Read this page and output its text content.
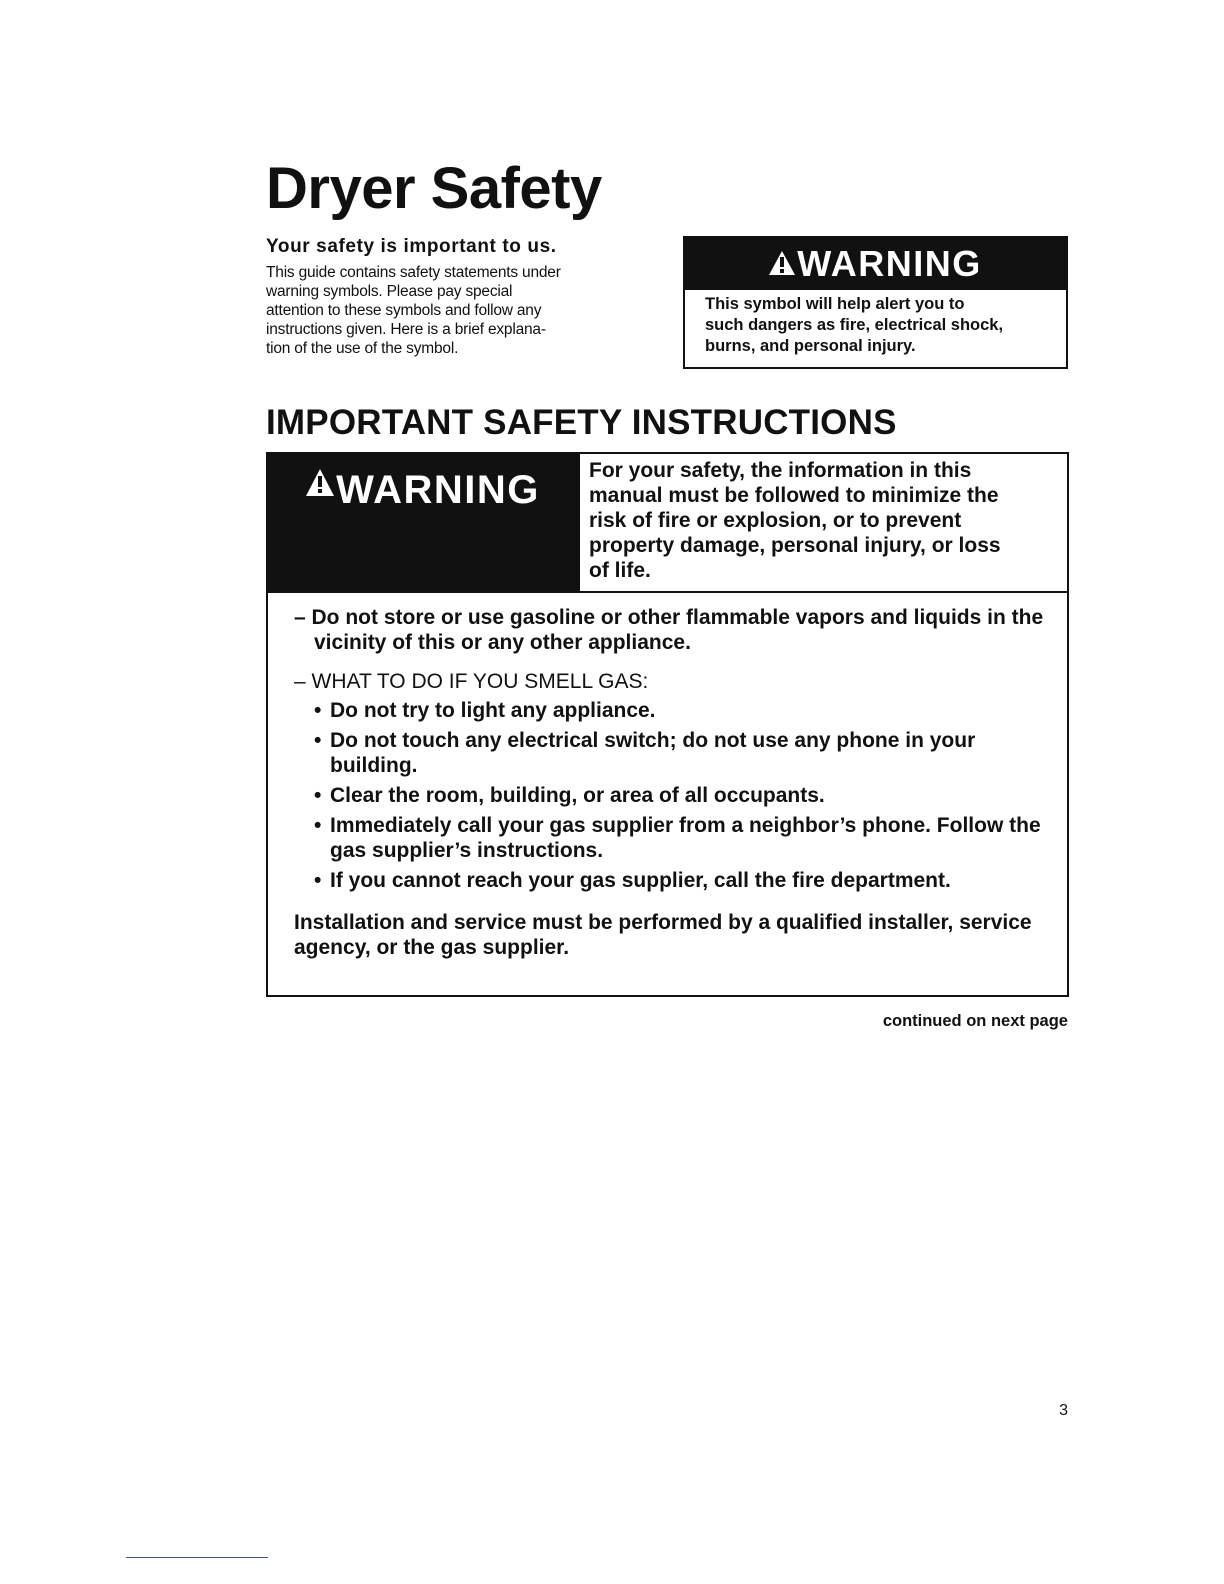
Dryer Safety

Your safety is important to us.

This guide contains safety statements under
warning symbols. Please pay special
attention to these symbols and follow any
instructions given. Here is a brief explana-
tion of the use of the symbol.

WARNING
This symbol will help alert you to
such dangers as fire, electrical shock,
burns, and personal injury.
IMPORTANT SAFETY INSTRUCTIONS
WARNING	For your safety, the information in this
manual must be followed to minimize the
risk of fire or explosion, or to prevent
property damage, personal injury, or loss
of life.

– Do not store or use gasoline or other flammable vapors and liquids in the vicinity of this or any other appliance.

– WHAT TO DO IF YOU SMELL GAS:

• Do not try to light any appliance.
• Do not touch any electrical switch; do not use any phone in your building.
• Clear the room, building, or area of all occupants.
• Immediately call your gas supplier from a neighbor’s phone. Follow the gas supplier’s instructions.
• If you cannot reach your gas supplier, call the fire department.

Installation and service must be performed by a qualified installer, service agency, or the gas supplier.

continued on next page
3
